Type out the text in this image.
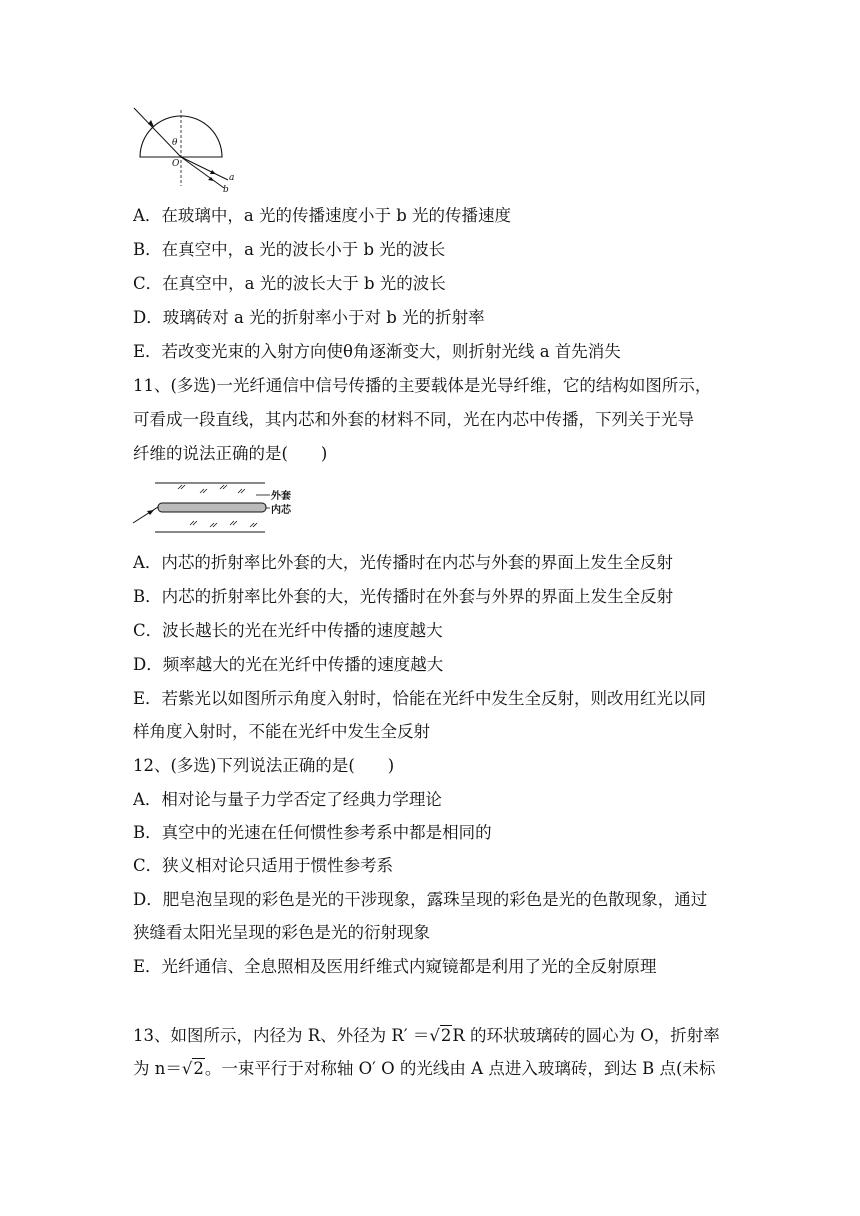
θ
O
a
b
A．在玻璃中，a 光的传播速度小于 b 光的传播速度
B．在真空中，a 光的波长小于 b 光的波长
C．在真空中，a 光的波长大于 b 光的波长
D．玻璃砖对 a 光的折射率小于对 b 光的折射率
E．若改变光束的入射方向使θ角逐渐变大，则折射光线 a 首先消失
11、(多选)一光纤通信中信号传播的主要载体是光导纤维，它的结构如图所示，
可看成一段直线，其内芯和外套的材料不同，光在内芯中传播，下列关于光导
纤维的说法正确的是(　　)
外套
内芯
A．内芯的折射率比外套的大，光传播时在内芯与外套的界面上发生全反射
B．内芯的折射率比外套的大，光传播时在外套与外界的界面上发生全反射
C．波长越长的光在光纤中传播的速度越大
D．频率越大的光在光纤中传播的速度越大
E．若紫光以如图所示角度入射时，恰能在光纤中发生全反射，则改用红光以同
样角度入射时，不能在光纤中发生全反射
12、(多选)下列说法正确的是(　　)
A．相对论与量子力学否定了经典力学理论
B．真空中的光速在任何惯性参考系中都是相同的
C．狭义相对论只适用于惯性参考系
D．肥皂泡呈现的彩色是光的干涉现象，露珠呈现的彩色是光的色散现象，通过
狭缝看太阳光呈现的彩色是光的衍射现象
E．光纤通信、全息照相及医用纤维式内窥镜都是利用了光的全反射原理
13、如图所示，内径为 R、外径为 R′ ＝√2R 的环状玻璃砖的圆心为 O，折射率
为 n＝√2。一束平行于对称轴 O′ O 的光线由 A 点进入玻璃砖，到达 B 点(未标
